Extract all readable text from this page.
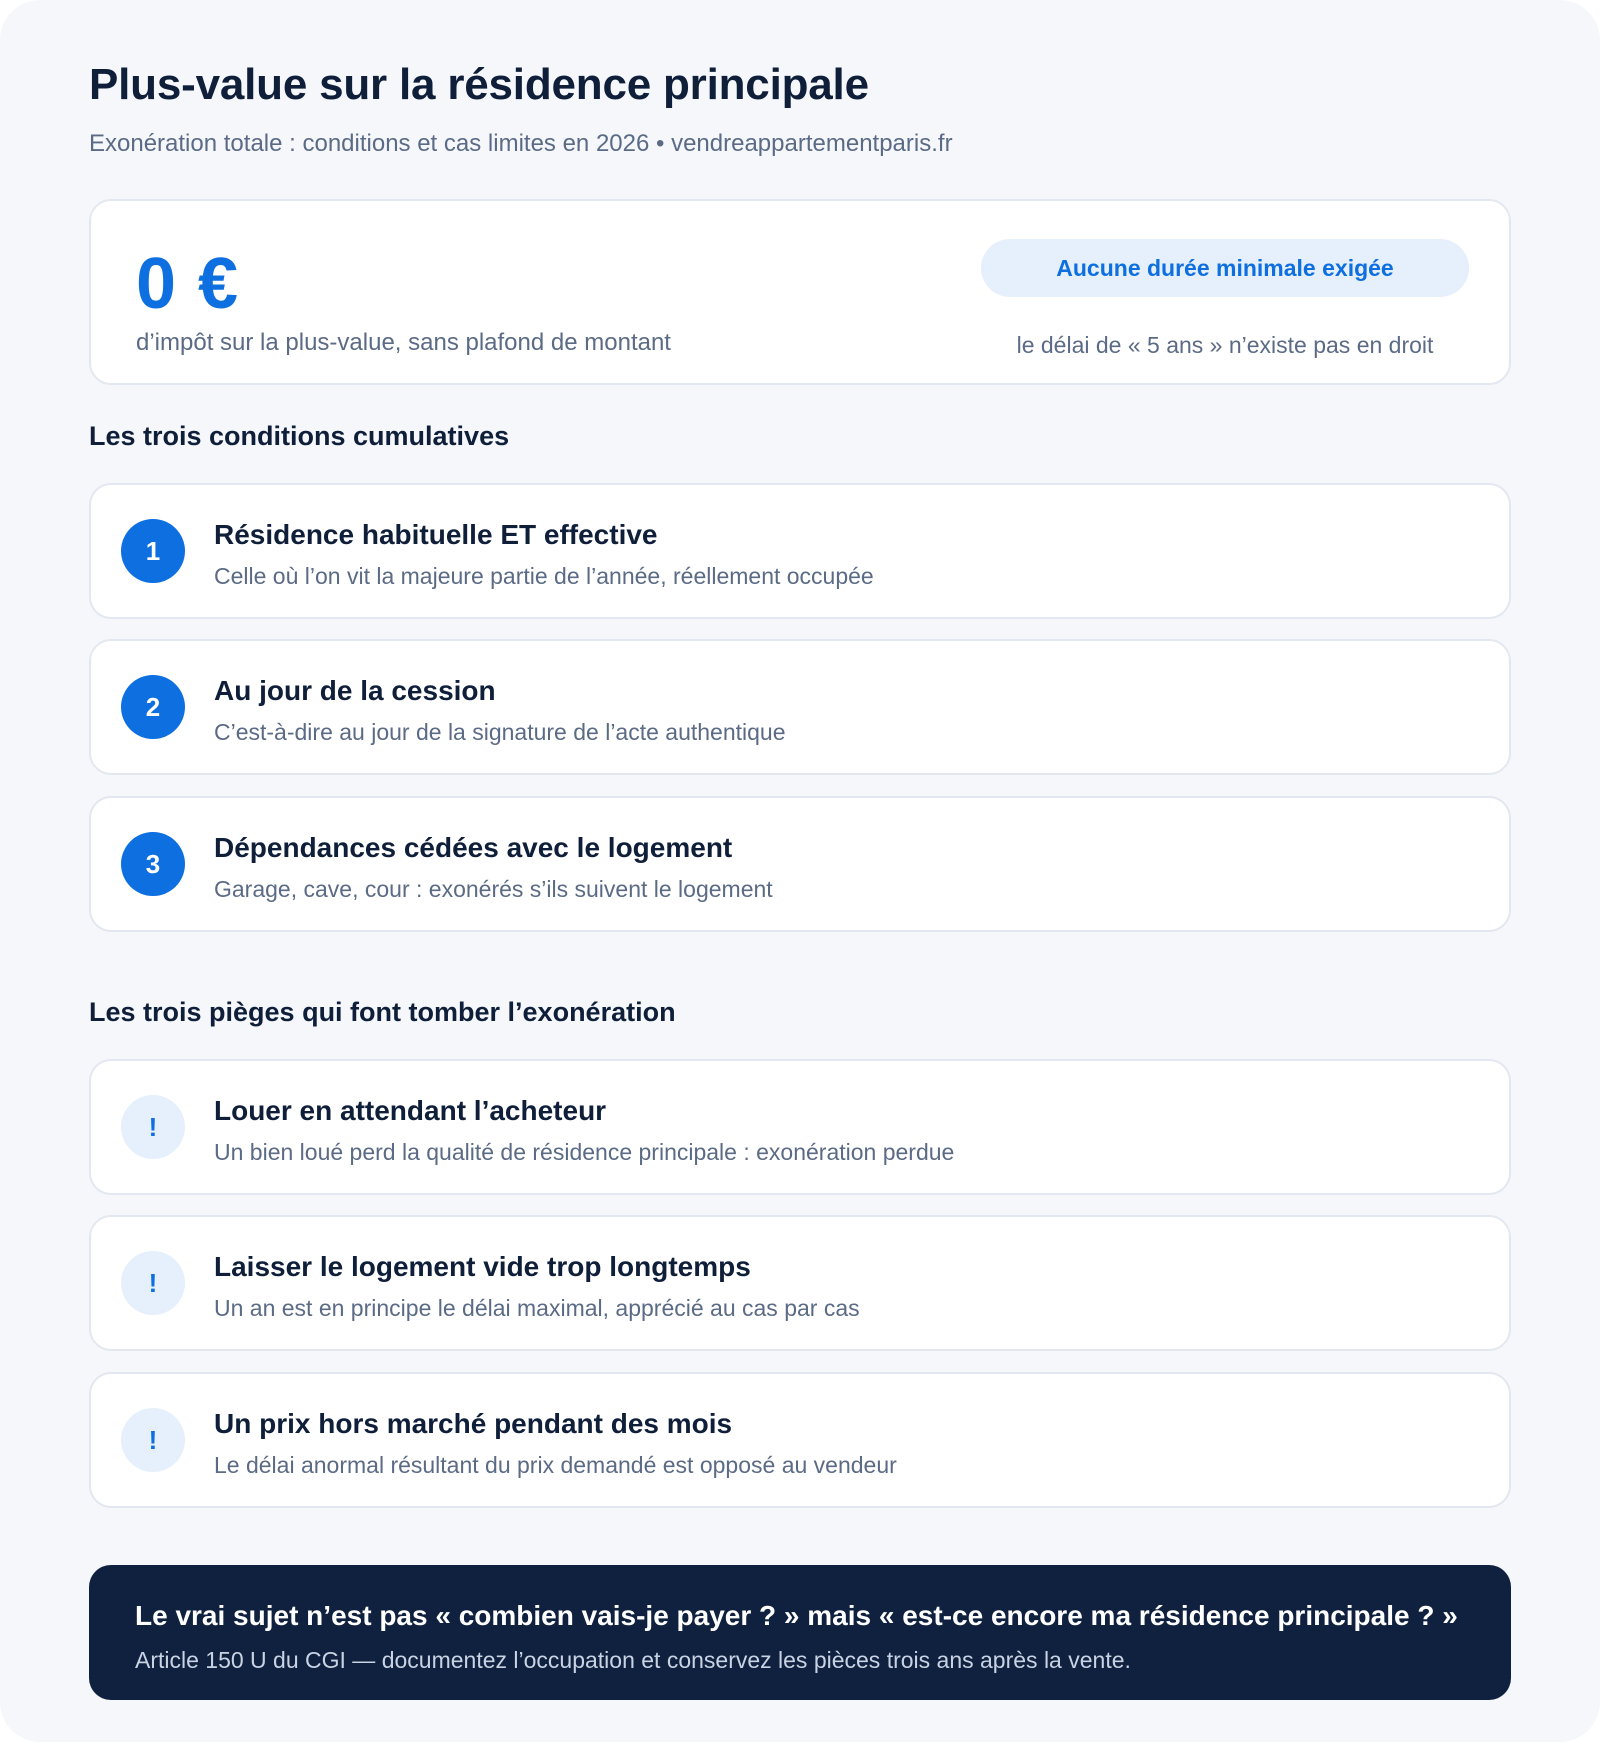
Plus-value sur la résidence principale
Exonération totale : conditions et cas limites en 2026 • vendreappartementparis.fr
0 €
d’impôt sur la plus-value, sans plafond de montant
Aucune durée minimale exigée
le délai de « 5 ans » n’existe pas en droit
Les trois conditions cumulatives
1
Résidence habituelle ET effective
Celle où l’on vit la majeure partie de l’année, réellement occupée
2
Au jour de la cession
C’est-à-dire au jour de la signature de l’acte authentique
3
Dépendances cédées avec le logement
Garage, cave, cour : exonérés s’ils suivent le logement
Les trois pièges qui font tomber l’exonération
!
Louer en attendant l’acheteur
Un bien loué perd la qualité de résidence principale : exonération perdue
!
Laisser le logement vide trop longtemps
Un an est en principe le délai maximal, apprécié au cas par cas
!
Un prix hors marché pendant des mois
Le délai anormal résultant du prix demandé est opposé au vendeur
Le vrai sujet n’est pas « combien vais-je payer ? » mais « est-ce encore ma résidence principale ? »
Article 150 U du CGI — documentez l’occupation et conservez les pièces trois ans après la vente.
